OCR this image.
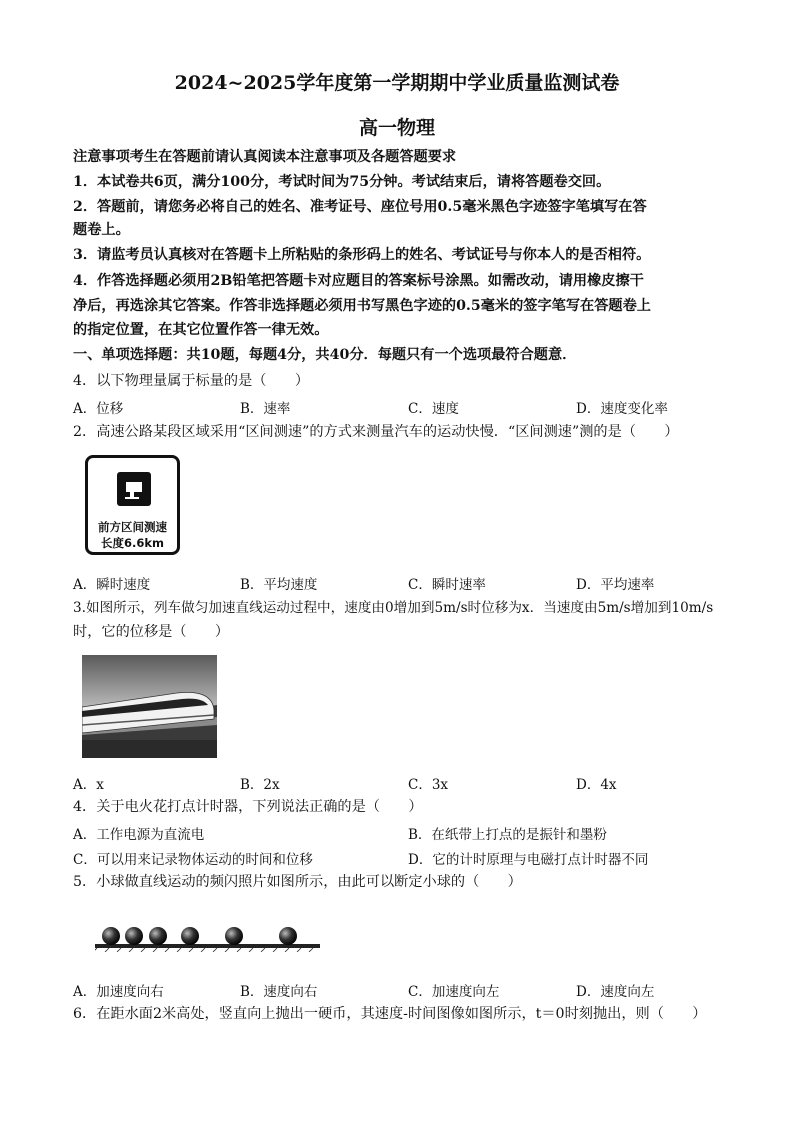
2024~2025学年度第一学期期中学业质量监测试卷
高一物理
注意事项考生在答题前请认真阅读本注意事项及各题答题要求
1．本试卷共6页，满分100分，考试时间为75分钟。考试结束后，请将答题卷交回。
2．答题前，请您务必将自己的姓名、准考证号、座位号用0.5毫米黑色字迹签字笔填写在答
题卷上。
3．请监考员认真核对在答题卡上所粘贴的条形码上的姓名、考试证号与你本人的是否相符。
4．作答选择题必须用2B铅笔把答题卡对应题目的答案标号涂黑。如需改动，请用橡皮擦干
净后，再选涂其它答案。作答非选择题必须用书写黑色字迹的0.5毫米的签字笔写在答题卷上
的指定位置，在其它位置作答一律无效。
一、单项选择题：共10题，每题4分，共40分．每题只有一个选项最符合题意．
4．以下物理量属于标量的是（　　）
A．位移	B．速率	C．速度	D．速度变化率
2．高速公路某段区域采用“区间测速”的方式来测量汽车的运动快慢．“区间测速”测的是（　　）
前方区间测速
长度6.6km
A．瞬时速度	B．平均速度	C．瞬时速率	D．平均速率
3.如图所示，列车做匀加速直线运动过程中，速度由0增加到5m/s时位移为x．当速度由5m/s增加到10m/s
时，它的位移是（　　）
A．x	B．2x	C．3x	D．4x
4．关于电火花打点计时器，下列说法正确的是（　　）
A．工作电源为直流电	B．在纸带上打点的是振针和墨粉
C．可以用来记录物体运动的时间和位移	D．它的计时原理与电磁打点计时器不同
5．小球做直线运动的频闪照片如图所示，由此可以断定小球的（　　）
A．加速度向右	B．速度向右	C．加速度向左	D．速度向左
6．在距水面2米高处，竖直向上抛出一硬币，其速度-时间图像如图所示，t＝0时刻抛出，则（　　）
